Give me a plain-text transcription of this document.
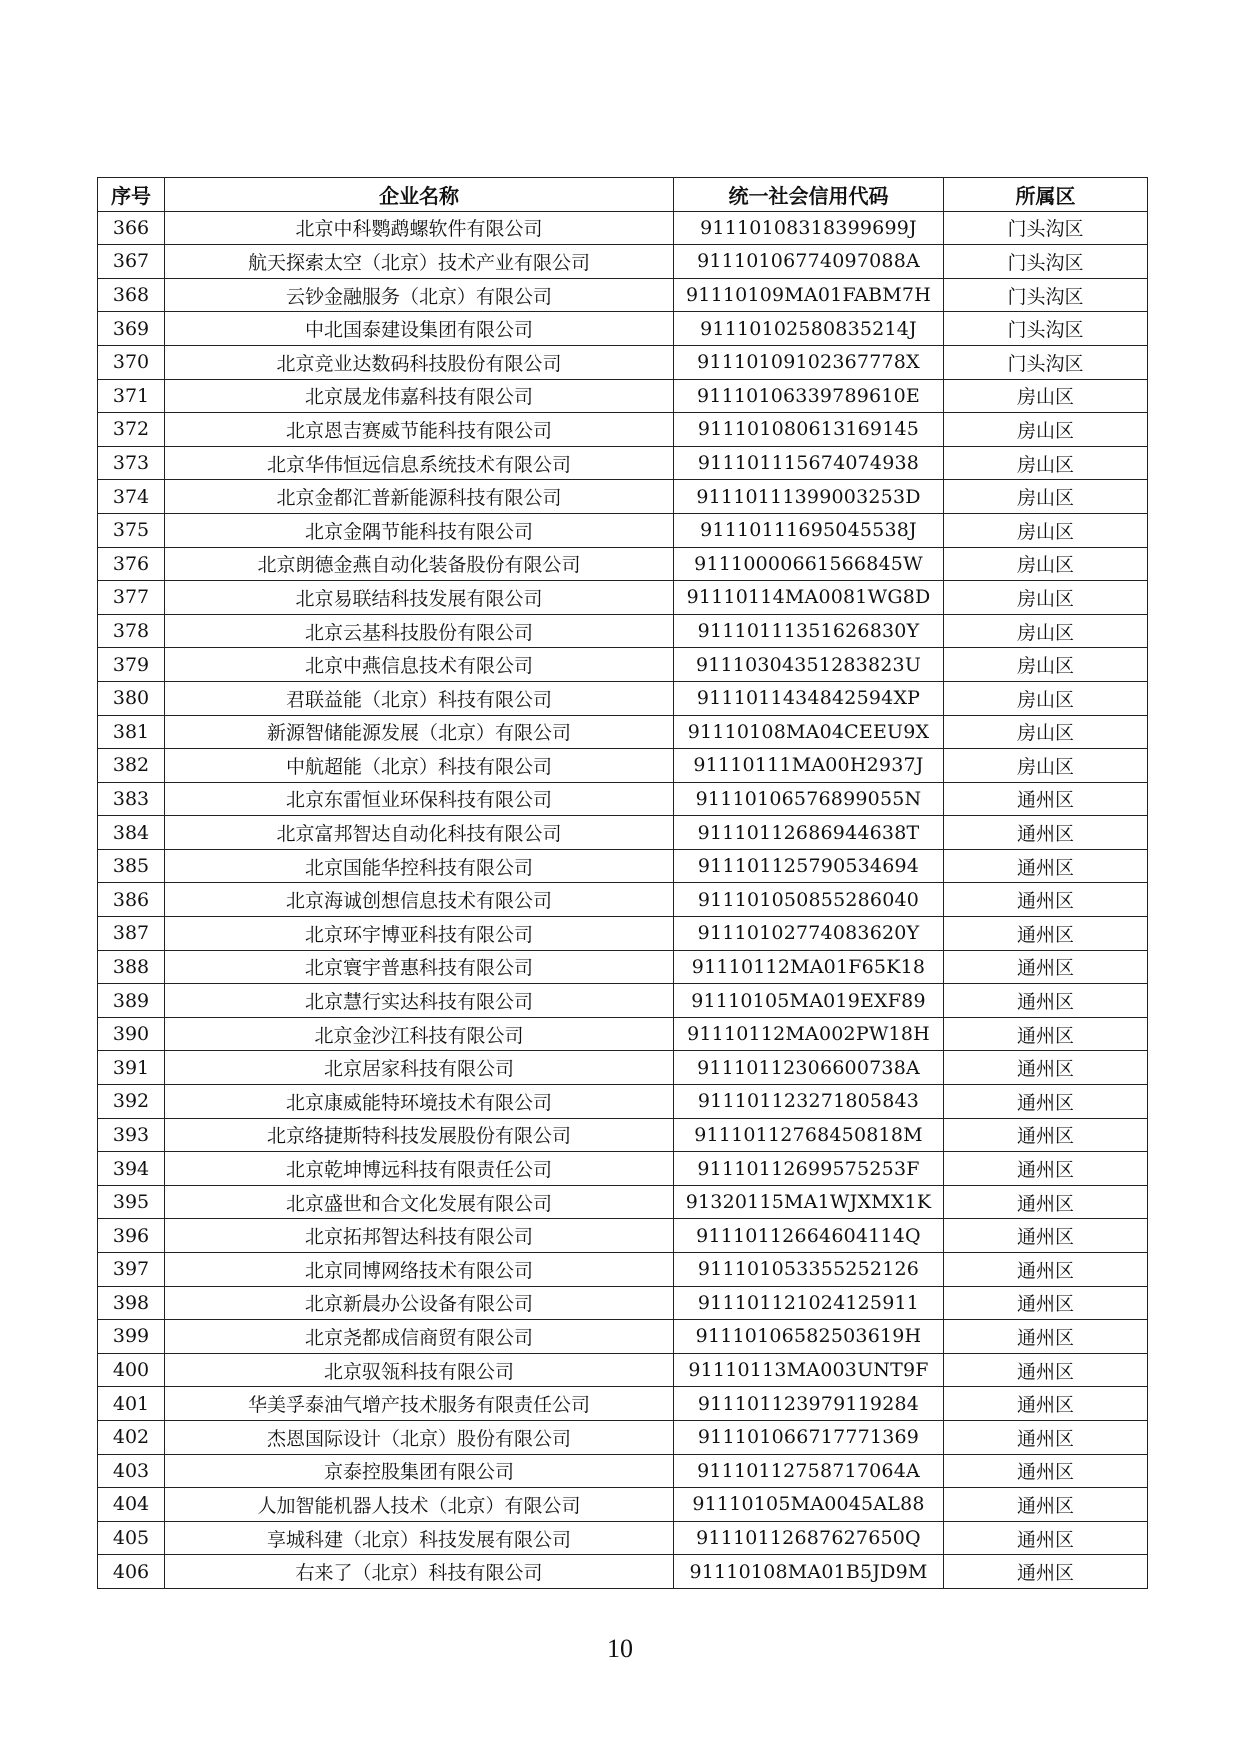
序号	企业名称	统一社会信用代码	所属区
366	北京中科鹦鹉螺软件有限公司	91110108318399699J	门头沟区
367	航天探索太空（北京）技术产业有限公司	91110106774097088A	门头沟区
368	云钞金融服务（北京）有限公司	91110109MA01FABM7H	门头沟区
369	中北国泰建设集团有限公司	91110102580835214J	门头沟区
370	北京竞业达数码科技股份有限公司	91110109102367778X	门头沟区
371	北京晟龙伟嘉科技有限公司	91110106339789610E	房山区
372	北京恩吉赛威节能科技有限公司	911101080613169145	房山区
373	北京华伟恒远信息系统技术有限公司	911101115674074938	房山区
374	北京金都汇普新能源科技有限公司	91110111399003253D	房山区
375	北京金隅节能科技有限公司	91110111695045538J	房山区
376	北京朗德金燕自动化装备股份有限公司	91110000661566845W	房山区
377	北京易联结科技发展有限公司	91110114MA0081WG8D	房山区
378	北京云基科技股份有限公司	91110111351626830Y	房山区
379	北京中燕信息技术有限公司	91110304351283823U	房山区
380	君联益能（北京）科技有限公司	9111011434842594XP	房山区
381	新源智储能源发展（北京）有限公司	91110108MA04CEEU9X	房山区
382	中航超能（北京）科技有限公司	91110111MA00H2937J	房山区
383	北京东雷恒业环保科技有限公司	91110106576899055N	通州区
384	北京富邦智达自动化科技有限公司	91110112686944638T	通州区
385	北京国能华控科技有限公司	911101125790534694	通州区
386	北京海诚创想信息技术有限公司	911101050855286040	通州区
387	北京环宇博亚科技有限公司	91110102774083620Y	通州区
388	北京寰宇普惠科技有限公司	91110112MA01F65K18	通州区
389	北京慧行实达科技有限公司	91110105MA019EXF89	通州区
390	北京金沙江科技有限公司	91110112MA002PW18H	通州区
391	北京居家科技有限公司	91110112306600738A	通州区
392	北京康威能特环境技术有限公司	911101123271805843	通州区
393	北京络捷斯特科技发展股份有限公司	91110112768450818M	通州区
394	北京乾坤博远科技有限责任公司	91110112699575253F	通州区
395	北京盛世和合文化发展有限公司	91320115MA1WJXMX1K	通州区
396	北京拓邦智达科技有限公司	91110112664604114Q	通州区
397	北京同博网络技术有限公司	911101053355252126	通州区
398	北京新晨办公设备有限公司	911101121024125911	通州区
399	北京尧都成信商贸有限公司	91110106582503619H	通州区
400	北京驭瓴科技有限公司	91110113MA003UNT9F	通州区
401	华美孚泰油气增产技术服务有限责任公司	911101123979119284	通州区
402	杰恩国际设计（北京）股份有限公司	911101066717771369	通州区
403	京泰控股集团有限公司	91110112758717064A	通州区
404	人加智能机器人技术（北京）有限公司	91110105MA0045AL88	通州区
405	享城科建（北京）科技发展有限公司	91110112687627650Q	通州区
406	右来了（北京）科技有限公司	91110108MA01B5JD9M	通州区
10
